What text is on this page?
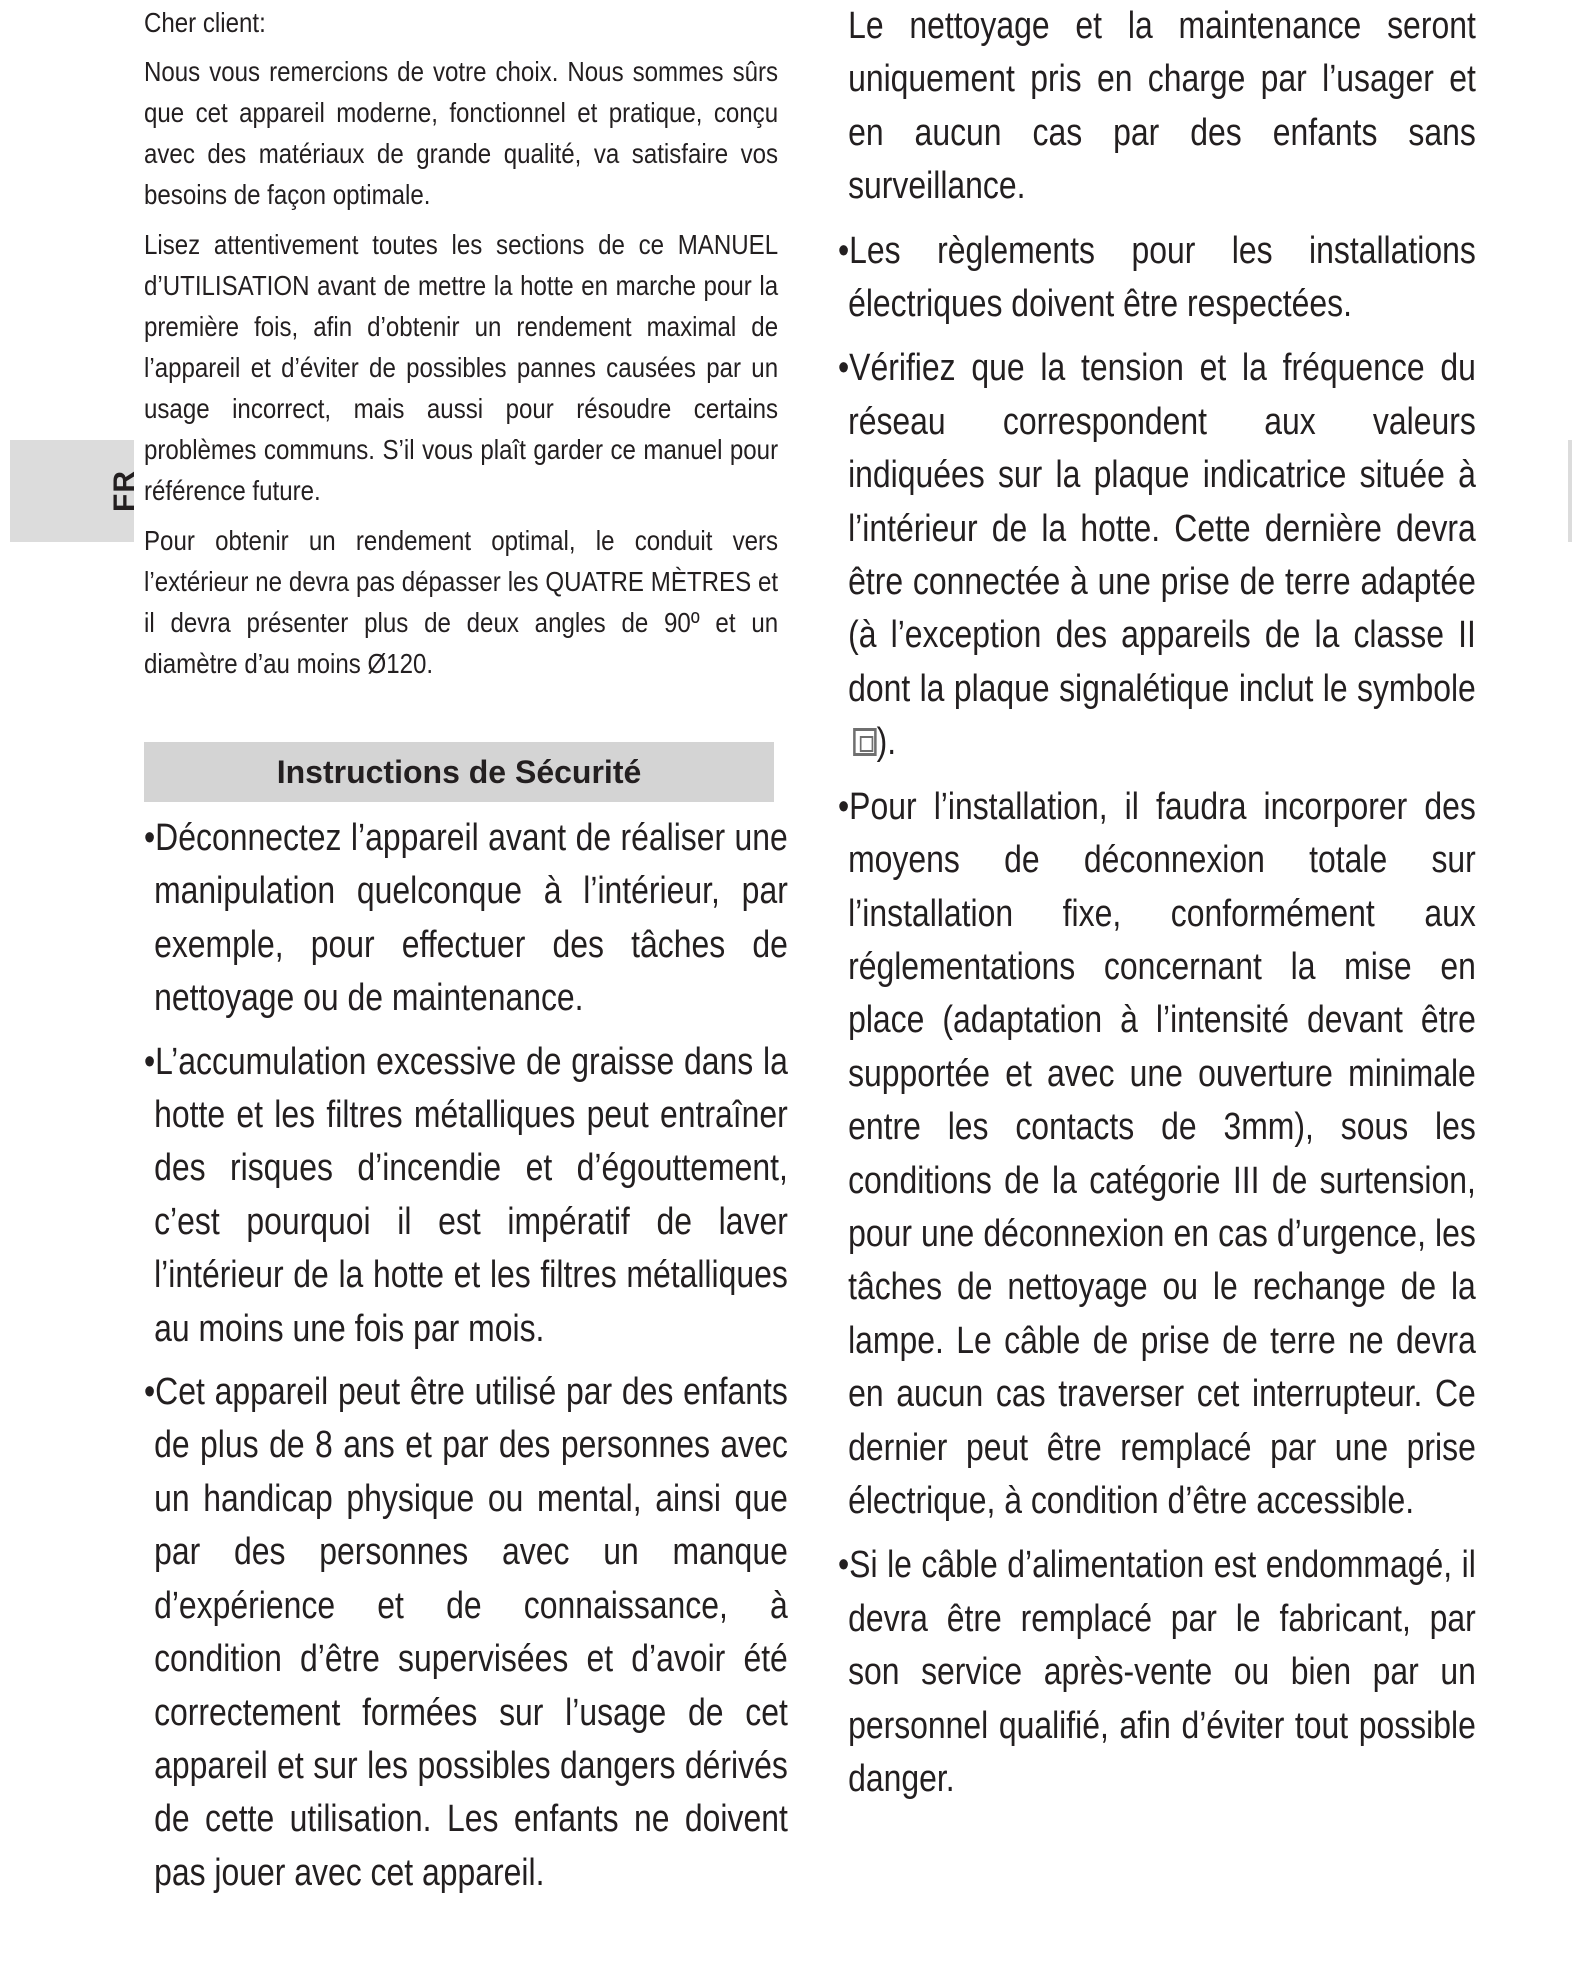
FR

Cher client:

Nous vous remercions de votre choix. Nous sommes sûrs que cet appareil moderne, fonctionnel et pratique, conçu avec des matériaux de grande qualité, va satisfaire vos besoins de façon optimale.

Lisez attentivement toutes les sections de ce MANUEL d’UTILISATION avant de mettre la hotte en marche pour la première fois, afin d’obtenir un rendement maximal de l’appareil et d’éviter de possibles pannes causées par un usage incorrect, mais aussi pour résoudre certains problèmes communs. S’il vous plaît garder ce manuel pour référence future.

Pour obtenir un rendement optimal, le conduit vers l’extérieur ne devra pas dépasser les QUATRE MÈTRES et il devra présenter plus de deux angles de 90º et un diamètre d’au moins Ø120.

Instructions de Sécurité

•Déconnectez l’appareil avant de réaliser une manipulation quelconque à l’intérieur, par exemple, pour effectuer des tâches de nettoyage ou de maintenance.

•L’accumulation excessive de graisse dans la hotte et les filtres métalliques peut entraîner des risques d’incendie et d’égouttement, c’est pourquoi il est impératif de laver l’intérieur de la hotte et les filtres métalliques au moins une fois par mois.

•Cet appareil peut être utilisé par des enfants de plus de 8 ans et par des personnes avec un handicap physique ou mental, ainsi que par des personnes avec un manque d’expérience et de connaissance, à condition d’être supervisées et d’avoir été correctement formées sur l’usage de cet appareil et sur les possibles dangers dérivés de cette utilisation. Les enfants ne doivent pas jouer avec cet appareil.

Le nettoyage et la maintenance seront uniquement pris en charge par l’usager et en aucun cas par des enfants sans surveillance.

•Les règlements pour les installations électriques doivent être respectées.

•Vérifiez que la tension et la fréquence du réseau correspondent aux valeurs indiquées sur la plaque indicatrice située à l’intérieur de la hotte. Cette dernière devra être connectée à une prise de terre adaptée (à l’exception des appareils de la classe II dont la plaque signalétique inclut le symbole).

•Pour l’installation, il faudra incorporer des moyens de déconnexion totale sur l’installation fixe, conformément aux réglementations concernant la mise en place (adaptation à l’intensité devant être supportée et avec une ouverture minimale entre les contacts de 3mm), sous les conditions de la catégorie III de surtension, pour une déconnexion en cas d’urgence, les tâches de nettoyage ou le rechange de la lampe. Le câble de prise de terre ne devra en aucun cas traverser cet interrupteur. Ce dernier peut être remplacé par une prise électrique, à condition d’être accessible.

•Si le câble d’alimentation est endommagé, il devra être remplacé par le fabricant, par son service après-vente ou bien par un personnel qualifié, afin d’éviter tout possible danger.
